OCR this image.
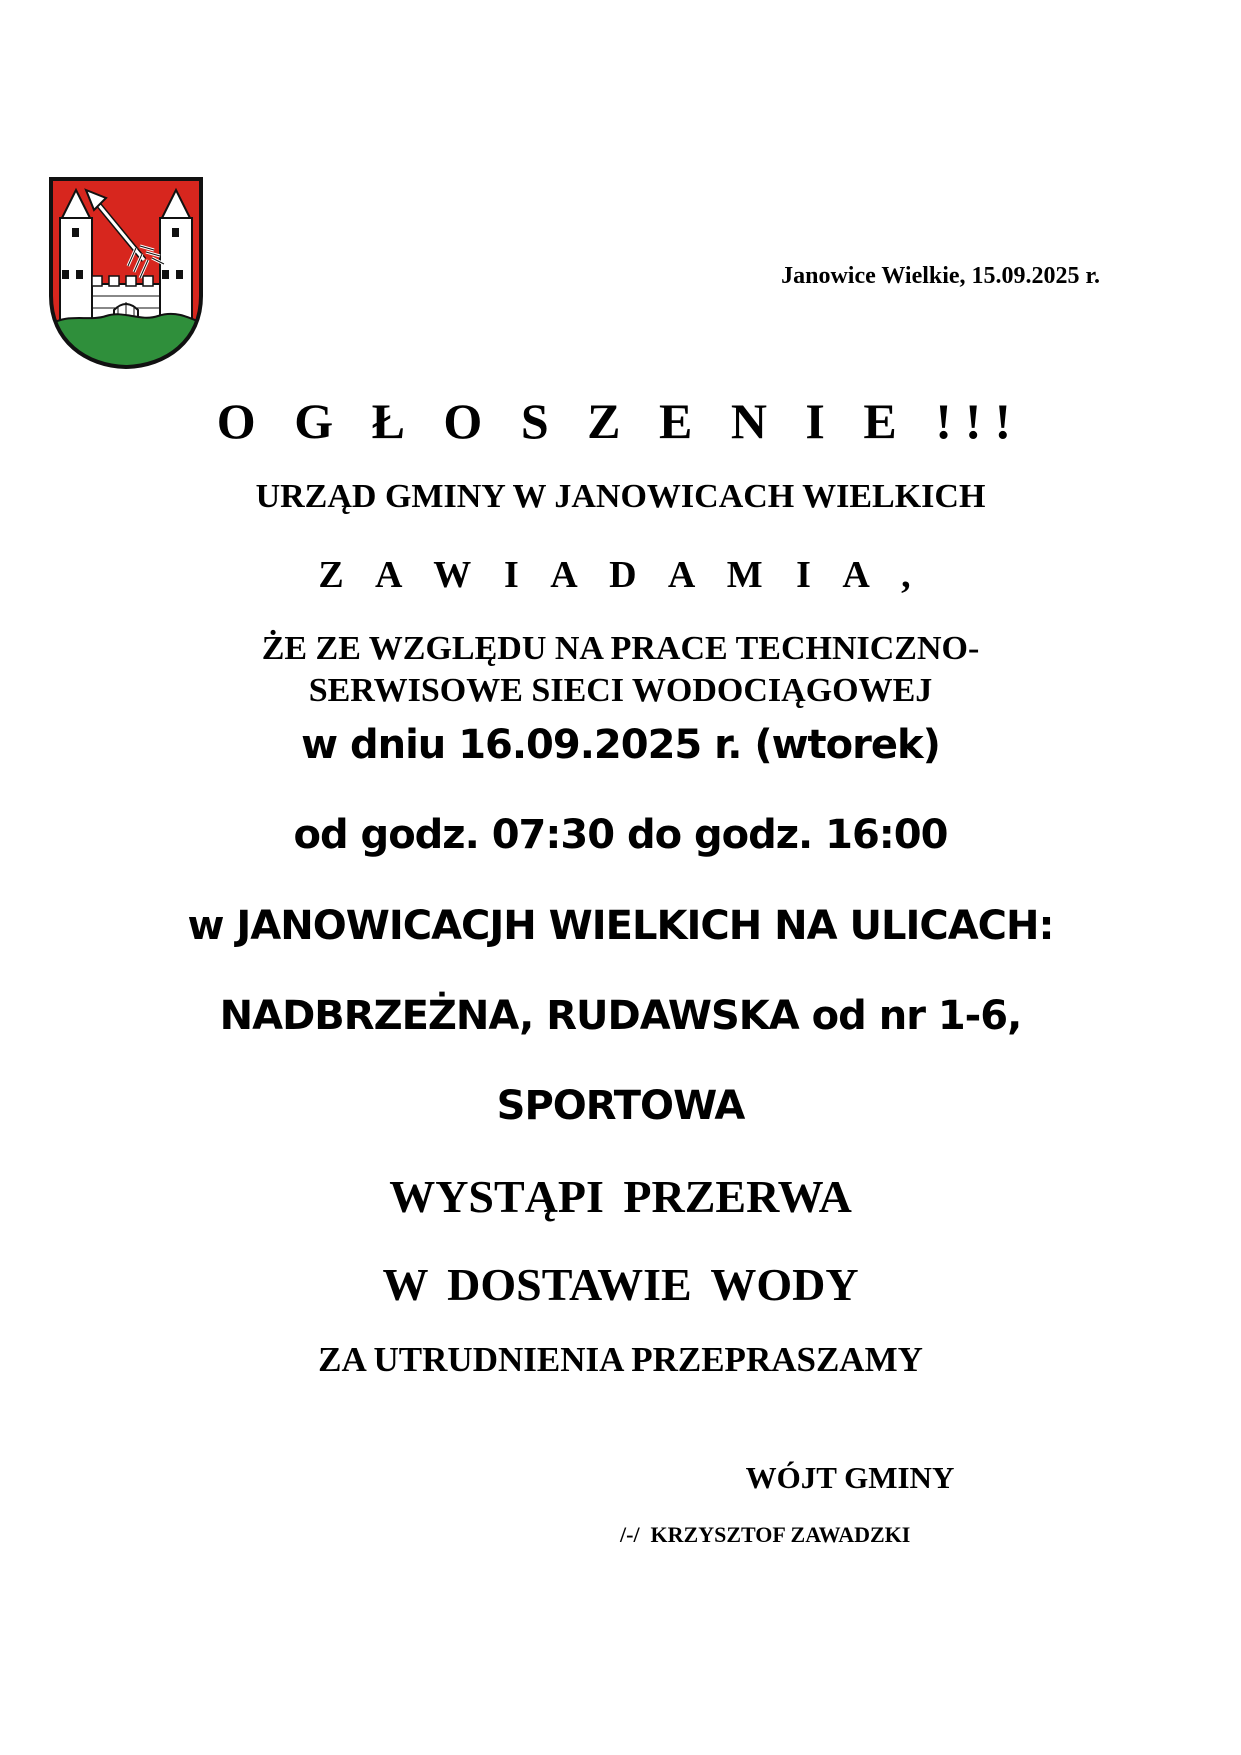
Janowice Wielkie, 15.09.2025 r.
O G Ł O S Z E N I E !!!
URZĄD GMINY W JANOWICACH WIELKICH
Z A W I A D A M I A ,
ŻE ZE WZGLĘDU NA PRACE TECHNICZNO-
SERWISOWE SIECI WODOCIĄGOWEJ
w dniu 16.09.2025 r. (wtorek)
od godz. 07:30 do godz. 16:00
w JANOWICACJH WIELKICH NA ULICACH:
NADBRZEŻNA, RUDAWSKA od nr 1-6,
SPORTOWA
WYSTĄPI PRZERWA
W DOSTAWIE WODY
ZA UTRUDNIENIA PRZEPRASZAMY
WÓJT GMINY
/-/  KRZYSZTOF ZAWADZKI
